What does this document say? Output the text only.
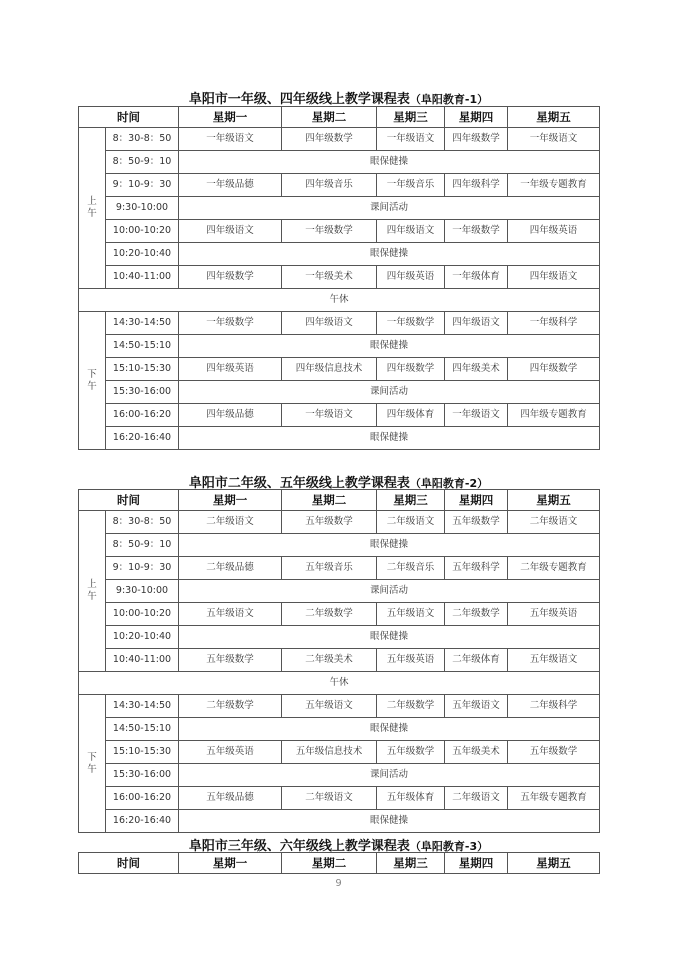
阜阳市一年级、四年级线上教学课程表（阜阳教育-1）
时间		星期一	星期二	星期三	星期四	星期五
上
午	8：30-8：50	一年级语文	四年级数学	一年级语文	四年级数学	一年级语文
	8：50-9：10	眼保健操				
	9：10-9：30	一年级品德	四年级音乐	一年级音乐	四年级科学	一年级专题教育
	9:30-10:00	课间活动				
	10:00-10:20	四年级语文	一年级数学	四年级语文	一年级数学	四年级英语
	10:20-10:40	眼保健操				
	10:40-11:00	四年级数学	一年级美术	四年级英语	一年级体育	四年级语文
午休						
下
午	14:30-14:50	一年级数学	四年级语文	一年级数学	四年级语文	一年级科学
	14:50-15:10	眼保健操				
	15:10-15:30	四年级英语	四年级信息技术	四年级数学	四年级美术	四年级数学
	15:30-16:00	课间活动				
	16:00-16:20	四年级品德	一年级语文	四年级体育	一年级语文	四年级专题教育
	16:20-16:40	眼保健操				
阜阳市二年级、五年级线上教学课程表（阜阳教育-2）
时间		星期一	星期二	星期三	星期四	星期五
上
午	8：30-8：50	二年级语文	五年级数学	二年级语文	五年级数学	二年级语文
	8：50-9：10	眼保健操				
	9：10-9：30	二年级品德	五年级音乐	二年级音乐	五年级科学	二年级专题教育
	9:30-10:00	课间活动				
	10:00-10:20	五年级语文	二年级数学	五年级语文	二年级数学	五年级英语
	10:20-10:40	眼保健操				
	10:40-11:00	五年级数学	二年级美术	五年级英语	二年级体育	五年级语文
午休						
下
午	14:30-14:50	二年级数学	五年级语文	二年级数学	五年级语文	二年级科学
	14:50-15:10	眼保健操				
	15:10-15:30	五年级英语	五年级信息技术	五年级数学	五年级美术	五年级数学
	15:30-16:00	课间活动				
	16:00-16:20	五年级品德	二年级语文	五年级体育	二年级语文	五年级专题教育
	16:20-16:40	眼保健操				
阜阳市三年级、六年级线上教学课程表（阜阳教育-3）
时间	星期一	星期二	星期三	星期四	星期五
9
